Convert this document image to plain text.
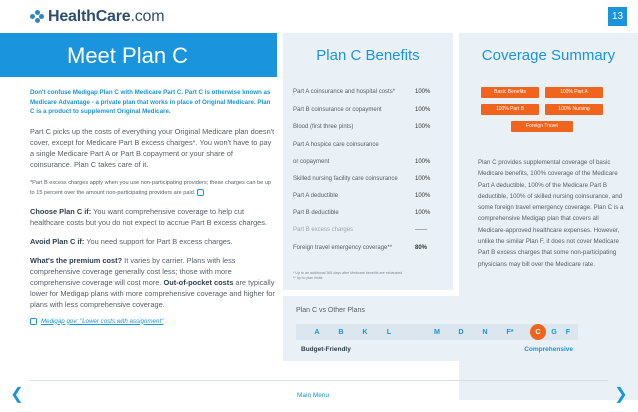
HealthCare.com	13
Meet Plan C	Plan C Benefits	Coverage Summary

Don't confuse Medigap Plan C with Medicare Part C. Part C is otherwise known as Medicare Advantage - a private plan that works in place of Original Medicare. Plan C is a product to supplement Original Medicare.

Part C picks up the costs of everything your Original Medicare plan doesn't cover, except for Medicare Part B excess charges*. You won't have to pay a single Medicare Part A or Part B copayment or your share of coinsurance. Plan C takes care of it.

*Part B excess charges apply when you use non-participating providers; these charges can be up to 15 percent over the amount non-participating providers are paid.

Choose Plan C if: You want comprehensive coverage to help cut healthcare costs but you do not expect to accrue Part B excess charges.

Avoid Plan C if: You need support for Part B excess charges.

What's the premium cost? It varies by carrier. Plans with less comprehensive coverage generally cost less; those with more comprehensive coverage will cost more. Out-of-pocket costs are typically lower for Medigap plans with more comprehensive coverage and higher for plans with less comprehensive coverage.

Medigap gov: "Lower costs with assignment"
Part A coinsurance and hospital costs*	100%
Part B coinsurance or copayment	100%
Blood (first three pints)	100%
Part A hospice care coinsurance
or copayment	100%
Skilled nursing facility care coinsurance	100%
Part A deductible	100%
Part B deductible	100%
Part B excess charges	------
Foreign travel emergency coverage**	80%
* Up to an additional 365 days after Medicare benefits are exhausted
** Up to plan limits
Basic Benefits	100% Part A
100% Part B	100% Nursing
Foreign Travel

Plan C provides supplemental coverage of basic Medicare benefits, 100% coverage of the Medicare Part A deductible, 100% of the Medicare Part B deductible, 100% of skilled nursing coinsurance, and some foreign travel emergency coverage. Plan C is a comprehensive Medigap plan that covers all Medicare-approved healthcare expenses. However, unlike the similar Plan F, it does not cover Medicare Part B excess charges that some non-participating physicians may bill over the Medicare rate.

Plan C vs Other Plans
A	B	K	L	M	D	N	F*	C	G	F
Budget-Friendly	Comprehensive
❮	Main Menu	❯
